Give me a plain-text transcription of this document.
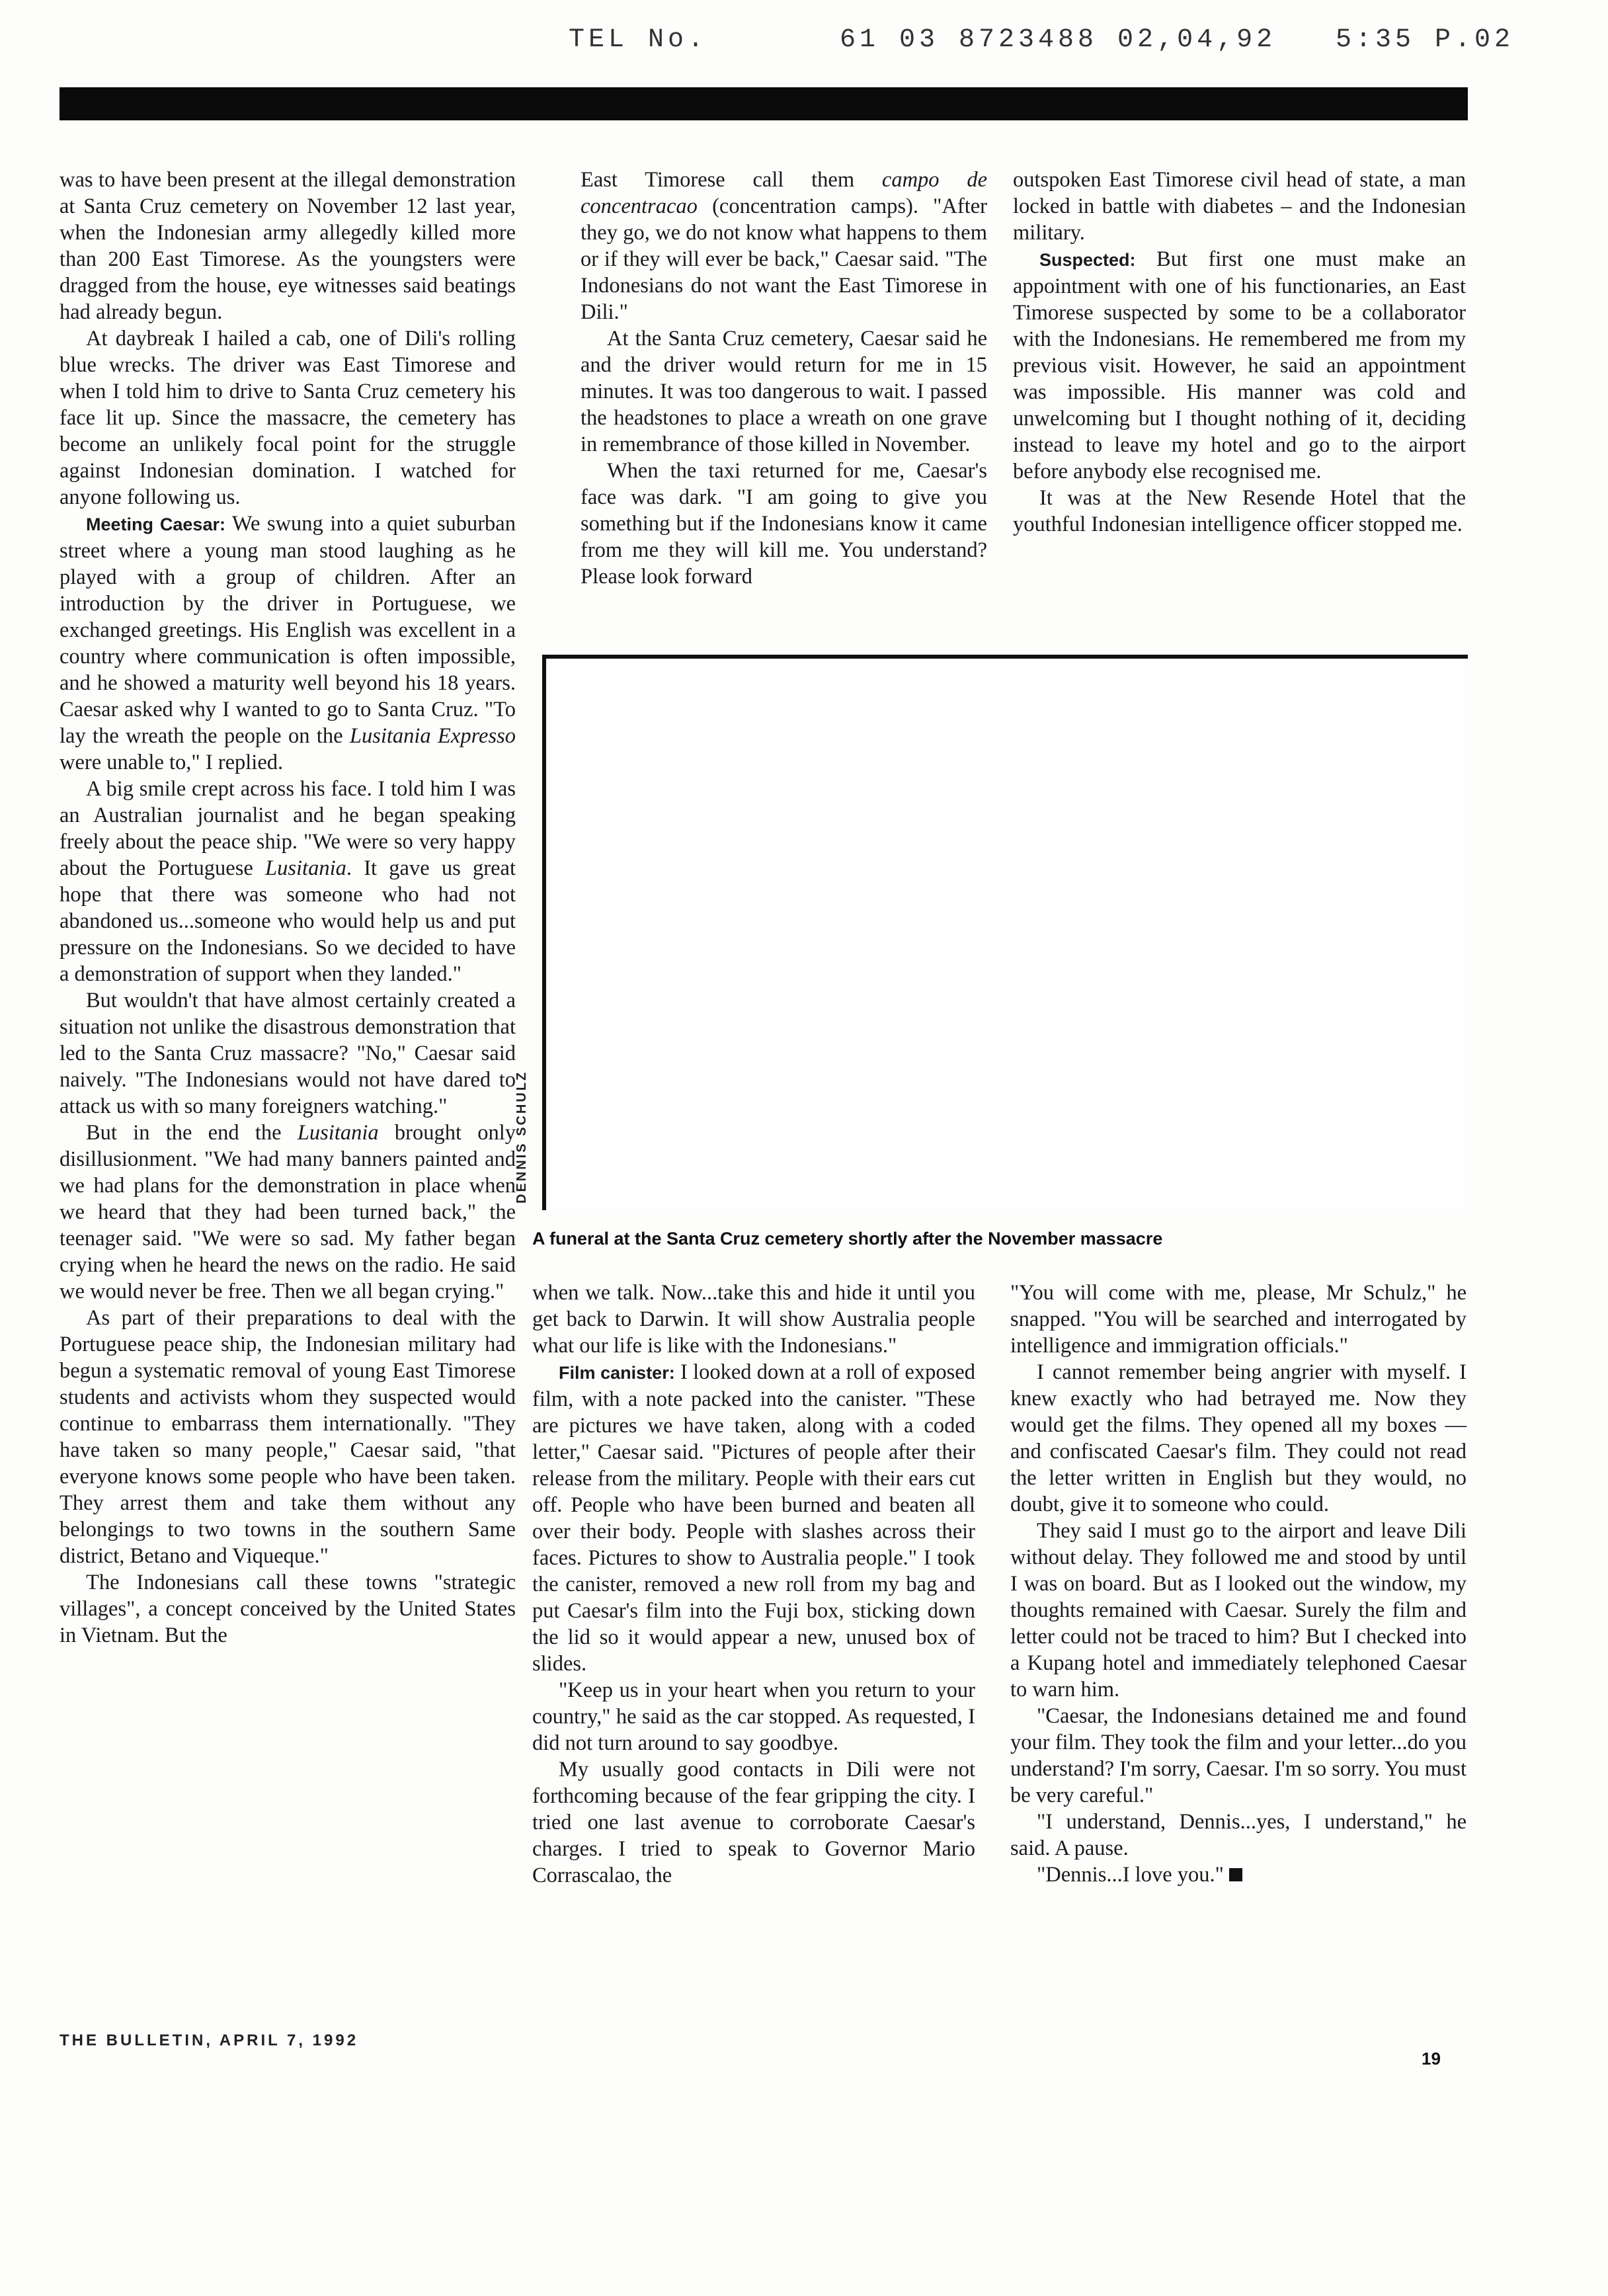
TEL No.	61 03 8723488 02,04,92 5:35 P.02

was to have been present at the illegal demonstration at Santa Cruz cemetery on November 12 last year, when the Indonesian army allegedly killed more than 200 East Timorese. As the youngsters were dragged from the house, eye witnesses said beatings had already begun.

At daybreak I hailed a cab, one of Dili's rolling blue wrecks. The driver was East Timorese and when I told him to drive to Santa Cruz cemetery his face lit up. Since the massacre, the cemetery has become an unlikely focal point for the struggle against Indonesian domination. I watched for anyone following us.

Meeting Caesar: We swung into a quiet suburban street where a young man stood laughing as he played with a group of children. After an introduction by the driver in Portuguese, we exchanged greetings. His English was excellent in a country where communication is often impossible, and he showed a maturity well beyond his 18 years. Caesar asked why I wanted to go to Santa Cruz. "To lay the wreath the people on the Lusitania Expresso were unable to," I replied.

A big smile crept across his face. I told him I was an Australian journalist and he began speaking freely about the peace ship. "We were so very happy about the Portuguese Lusitania. It gave us great hope that there was someone who had not abandoned us...someone who would help us and put pressure on the Indonesians. So we decided to have a demonstration of support when they landed."

But wouldn't that have almost certainly created a situation not unlike the disastrous demonstration that led to the Santa Cruz massacre? "No," Caesar said naively. "The Indonesians would not have dared to attack us with so many foreigners watching."

But in the end the Lusitania brought only disillusionment. "We had many banners painted and we had plans for the demonstration in place when we heard that they had been turned back," the teenager said. "We were so sad. My father began crying when he heard the news on the radio. He said we would never be free. Then we all began crying."

As part of their preparations to deal with the Portuguese peace ship, the Indonesian military had begun a systematic removal of young East Timorese students and activists whom they suspected would continue to embarrass them internationally. "They have taken so many people," Caesar said, "that everyone knows some people who have been taken. They arrest them and take them without any belongings to two towns in the southern Same district, Betano and Viqueque."

The Indonesians call these towns "strategic villages", a concept conceived by the United States in Vietnam. But the

East Timorese call them campo de concentracao (concentration camps). "After they go, we do not know what happens to them or if they will ever be back," Caesar said. "The Indonesians do not want the East Timorese in Dili."

At the Santa Cruz cemetery, Caesar said he and the driver would return for me in 15 minutes. It was too dangerous to wait. I passed the headstones to place a wreath on one grave in remembrance of those killed in November.

When the taxi returned for me, Caesar's face was dark. "I am going to give you something but if the Indonesians know it came from me they will kill me. You understand? Please look forward

outspoken East Timorese civil head of state, a man locked in battle with diabetes – and the Indonesian military.

Suspected: But first one must make an appointment with one of his functionaries, an East Timorese suspected by some to be a collaborator with the Indonesians. He remembered me from my previous visit. However, he said an appointment was impossible. His manner was cold and unwelcoming but I thought nothing of it, deciding instead to leave my hotel and go to the airport before anybody else recognised me.

It was at the New Resende Hotel that the youthful Indonesian intelligence officer stopped me.

DENNIS SCHULZ
A funeral at the Santa Cruz cemetery shortly after the November massacre

when we talk. Now...take this and hide it until you get back to Darwin. It will show Australia people what our life is like with the Indonesians."

Film canister: I looked down at a roll of exposed film, with a note packed into the canister. "These are pictures we have taken, along with a coded letter," Caesar said. "Pictures of people after their release from the military. People with their ears cut off. People who have been burned and beaten all over their body. People with slashes across their faces. Pictures to show to Australia people." I took the canister, removed a new roll from my bag and put Caesar's film into the Fuji box, sticking down the lid so it would appear a new, unused box of slides.

"Keep us in your heart when you return to your country," he said as the car stopped. As requested, I did not turn around to say goodbye.

My usually good contacts in Dili were not forthcoming because of the fear gripping the city. I tried one last avenue to corroborate Caesar's charges. I tried to speak to Governor Mario Corrascalao, the

"You will come with me, please, Mr Schulz," he snapped. "You will be searched and interrogated by intelligence and immigration officials."

I cannot remember being angrier with myself. I knew exactly who had betrayed me. Now they would get the films. They opened all my boxes — and confiscated Caesar's film. They could not read the letter written in English but they would, no doubt, give it to someone who could.

They said I must go to the airport and leave Dili without delay. They followed me and stood by until I was on board. But as I looked out the window, my thoughts remained with Caesar. Surely the film and letter could not be traced to him? But I checked into a Kupang hotel and immediately telephoned Caesar to warn him.

"Caesar, the Indonesians detained me and found your film. They took the film and your letter...do you understand? I'm sorry, Caesar. I'm so sorry. You must be very careful."

"I understand, Dennis...yes, I understand," he said. A pause.

"Dennis...I love you."

THE BULLETIN, APRIL 7, 1992
19
